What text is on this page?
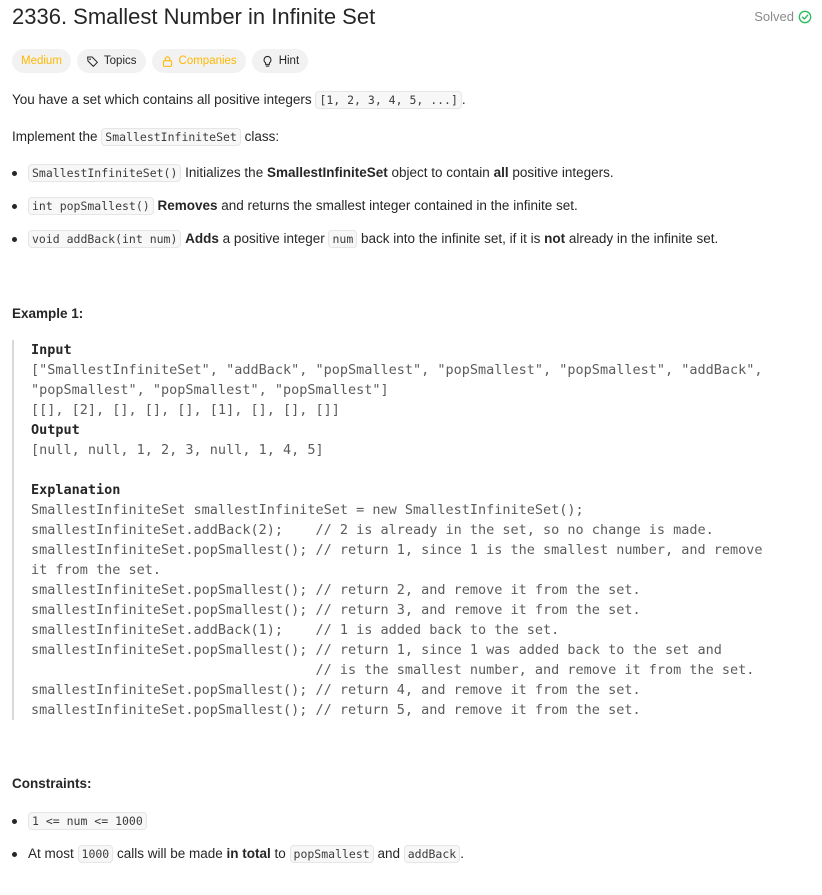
2336. Smallest Number in Infinite Set	Solved
Medium	Topics	Companies	Hint
You have a set which contains all positive integers [1, 2, 3, 4, 5, ...] .
Implement the SmallestInfiniteSet class:
SmallestInfiniteSet() Initializes the SmallestInfiniteSet object to contain all positive integers.
int popSmallest() Removes and returns the smallest integer contained in the infinite set.
void addBack(int num) Adds a positive integer num back into the infinite set, if it is not already in the infinite set.
Example 1:
Input
["SmallestInfiniteSet", "addBack", "popSmallest", "popSmallest", "popSmallest", "addBack",
"popSmallest", "popSmallest", "popSmallest"]
[[], [2], [], [], [], [1], [], [], []]
Output
[null, null, 1, 2, 3, null, 1, 4, 5]

Explanation
SmallestInfiniteSet smallestInfiniteSet = new SmallestInfiniteSet();
smallestInfiniteSet.addBack(2);    // 2 is already in the set, so no change is made.
smallestInfiniteSet.popSmallest(); // return 1, since 1 is the smallest number, and remove
it from the set.
smallestInfiniteSet.popSmallest(); // return 2, and remove it from the set.
smallestInfiniteSet.popSmallest(); // return 3, and remove it from the set.
smallestInfiniteSet.addBack(1);    // 1 is added back to the set.
smallestInfiniteSet.popSmallest(); // return 1, since 1 was added back to the set and
// is the smallest number, and remove it from the set.
smallestInfiniteSet.popSmallest(); // return 4, and remove it from the set.
smallestInfiniteSet.popSmallest(); // return 5, and remove it from the set.
Constraints:
1 <= num <= 1000
At most 1000 calls will be made in total to popSmallest and addBack .
